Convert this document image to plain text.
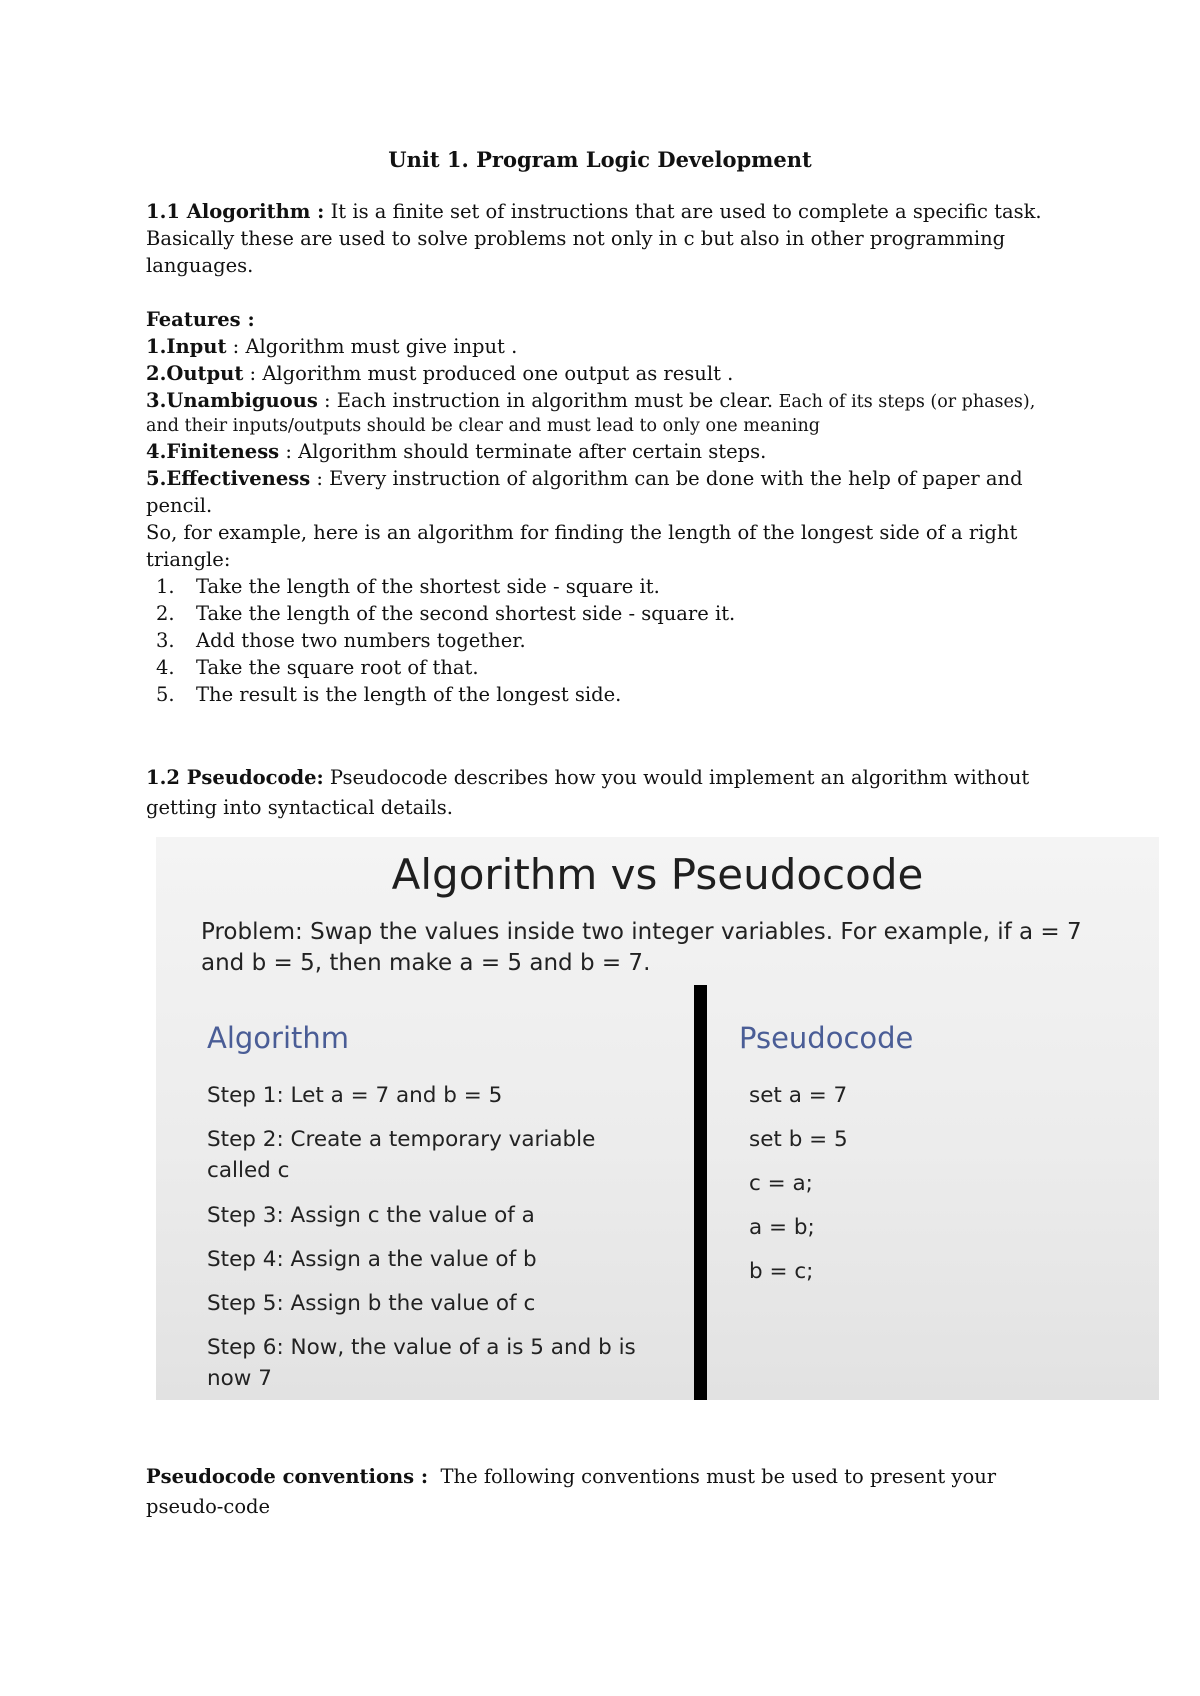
Unit 1. Program Logic Development
1.1 Alogorithm : It is a finite set of instructions that are used to complete a specific task.
Basically these are used to solve problems not only in c but also in other programming
languages.
Features :
1.Input : Algorithm must give input .
2.Output : Algorithm must produced one output as result .
3.Unambiguous : Each instruction in algorithm must be clear. Each of its steps (or phases),
and their inputs/outputs should be clear and must lead to only one meaning
4.Finiteness : Algorithm should terminate after certain steps.
5.Effectiveness : Every instruction of algorithm can be done with the help of paper and
pencil.
So, for example, here is an algorithm for finding the length of the longest side of a right
triangle:
1. Take the length of the shortest side - square it.
2. Take the length of the second shortest side - square it.
3. Add those two numbers together.
4. Take the square root of that.
5. The result is the length of the longest side.
1.2 Pseudocode: Pseudocode describes how you would implement an algorithm without
getting into syntactical details.
Algorithm vs Pseudocode
Problem: Swap the values inside two integer variables. For example, if a = 7
and b = 5, then make a = 5 and b = 7.
Algorithm	Pseudocode
Step 1: Let a = 7 and b = 5
Step 2: Create a temporary variable
called c
Step 3: Assign c the value of a
Step 4: Assign a the value of b
Step 5: Assign b the value of c
Step 6: Now, the value of a is 5 and b is
now 7
set a = 7
set b = 5
c = a;
a = b;
b = c;
Pseudocode conventions :  The following conventions must be used to present your
pseudo-code
